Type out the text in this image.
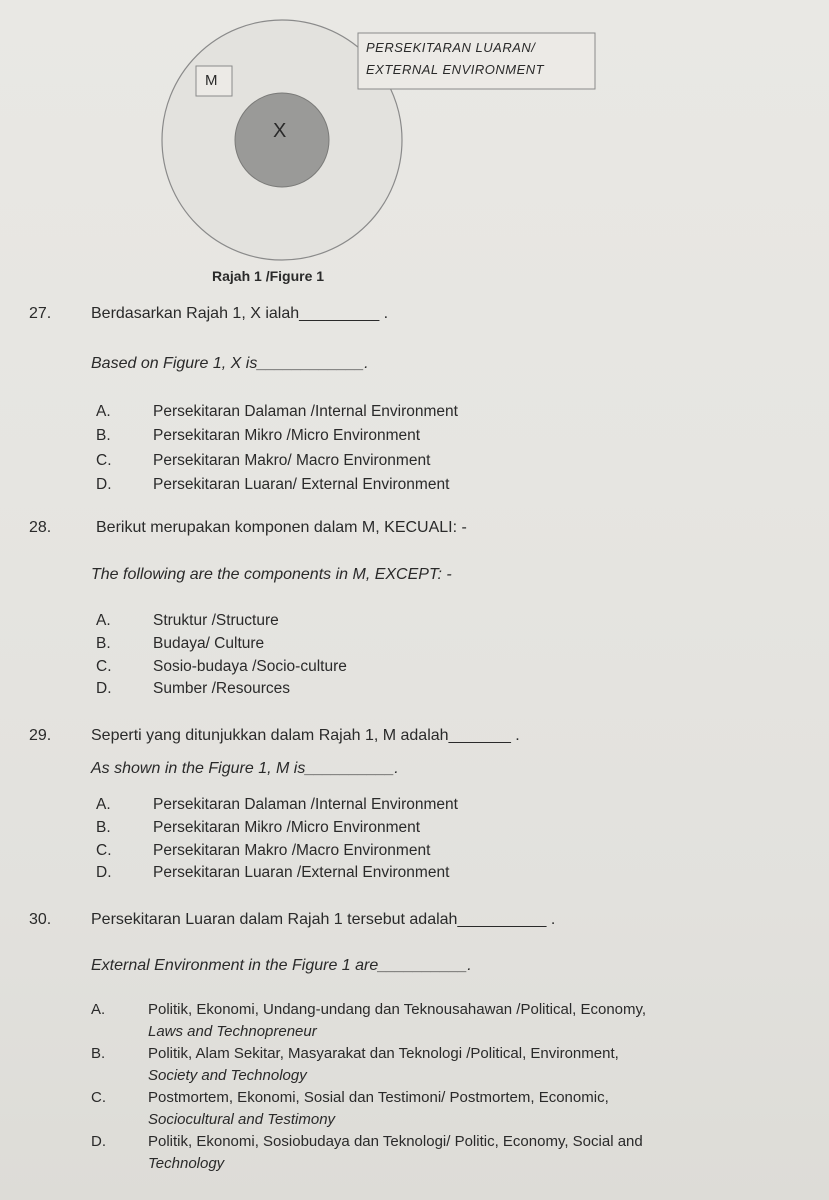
M
X
PERSEKITARAN LUARAN/
EXTERNAL ENVIRONMENT
Rajah 1 /Figure 1
27. Berdasarkan Rajah 1, X ialah_________ .
Based on Figure 1, X is____________.
A.	Persekitaran Dalaman /Internal Environment
B.	Persekitaran Mikro /Micro Environment
C.	Persekitaran Makro/ Macro Environment
D.	Persekitaran Luaran/ External Environment
28.	Berikut merupakan komponen dalam M, KECUALI: -
The following are the components in M, EXCEPT: -
A.	Struktur /Structure
B.	Budaya/ Culture
C.	Sosio-budaya /Socio-culture
D.	Sumber /Resources
29. Seperti yang ditunjukkan dalam Rajah 1, M adalah_______ .
As shown in the Figure 1, M is__________.
A.	Persekitaran Dalaman /Internal Environment
B.	Persekitaran Mikro /Micro Environment
C.	Persekitaran Makro /Macro Environment
D.	Persekitaran Luaran /External Environment
30. Persekitaran Luaran dalam Rajah 1 tersebut adalah__________ .
External Environment in the Figure 1 are__________.
A.	Politik, Ekonomi, Undang-undang dan Teknousahawan /Political, Economy,
Laws and Technopreneur
B.	Politik, Alam Sekitar, Masyarakat dan Teknologi /Political, Environment,
Society and Technology
C.	Postmortem, Ekonomi, Sosial dan Testimoni/ Postmortem, Economic,
Sociocultural and Testimony
D.	Politik, Ekonomi, Sosiobudaya dan Teknologi/ Politic, Economy, Social and
Technology
